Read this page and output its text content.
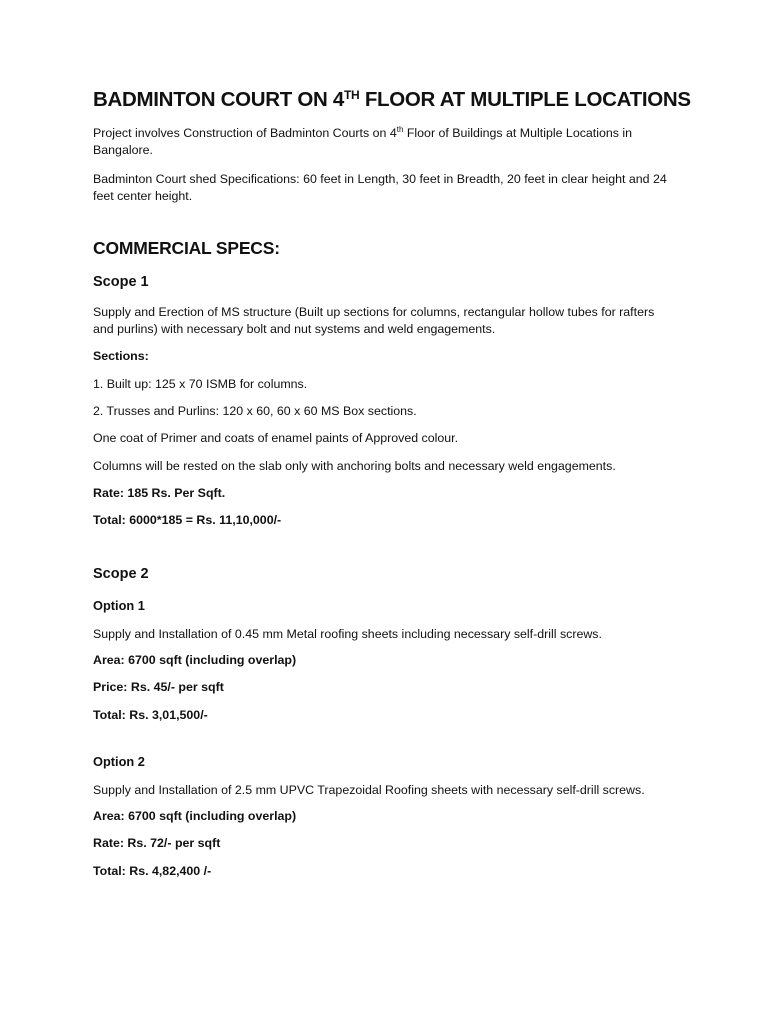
BADMINTON COURT ON 4TH FLOOR AT MULTIPLE LOCATIONS
Project involves Construction of Badminton Courts on 4th Floor of Buildings at Multiple Locations in Bangalore.
Badminton Court shed Specifications: 60 feet in Length, 30 feet in Breadth, 20 feet in clear height and 24 feet center height.
COMMERCIAL SPECS:
Scope 1
Supply and Erection of MS structure (Built up sections for columns, rectangular hollow tubes for rafters and purlins) with necessary bolt and nut systems and weld engagements.
Sections:
1. Built up: 125 x 70 ISMB for columns.
2. Trusses and Purlins: 120 x 60, 60 x 60 MS Box sections.
One coat of Primer and coats of enamel paints of Approved colour.
Columns will be rested on the slab only with anchoring bolts and necessary weld engagements.
Rate: 185 Rs. Per Sqft.
Total: 6000*185 = Rs. 11,10,000/-
Scope 2
Option 1
Supply and Installation of 0.45 mm Metal roofing sheets including necessary self-drill screws.
Area: 6700 sqft (including overlap)
Price: Rs. 45/- per sqft
Total: Rs. 3,01,500/-
Option 2
Supply and Installation of 2.5 mm UPVC Trapezoidal Roofing sheets with necessary self-drill screws.
Area: 6700 sqft (including overlap)
Rate: Rs. 72/- per sqft
Total: Rs. 4,82,400 /-
